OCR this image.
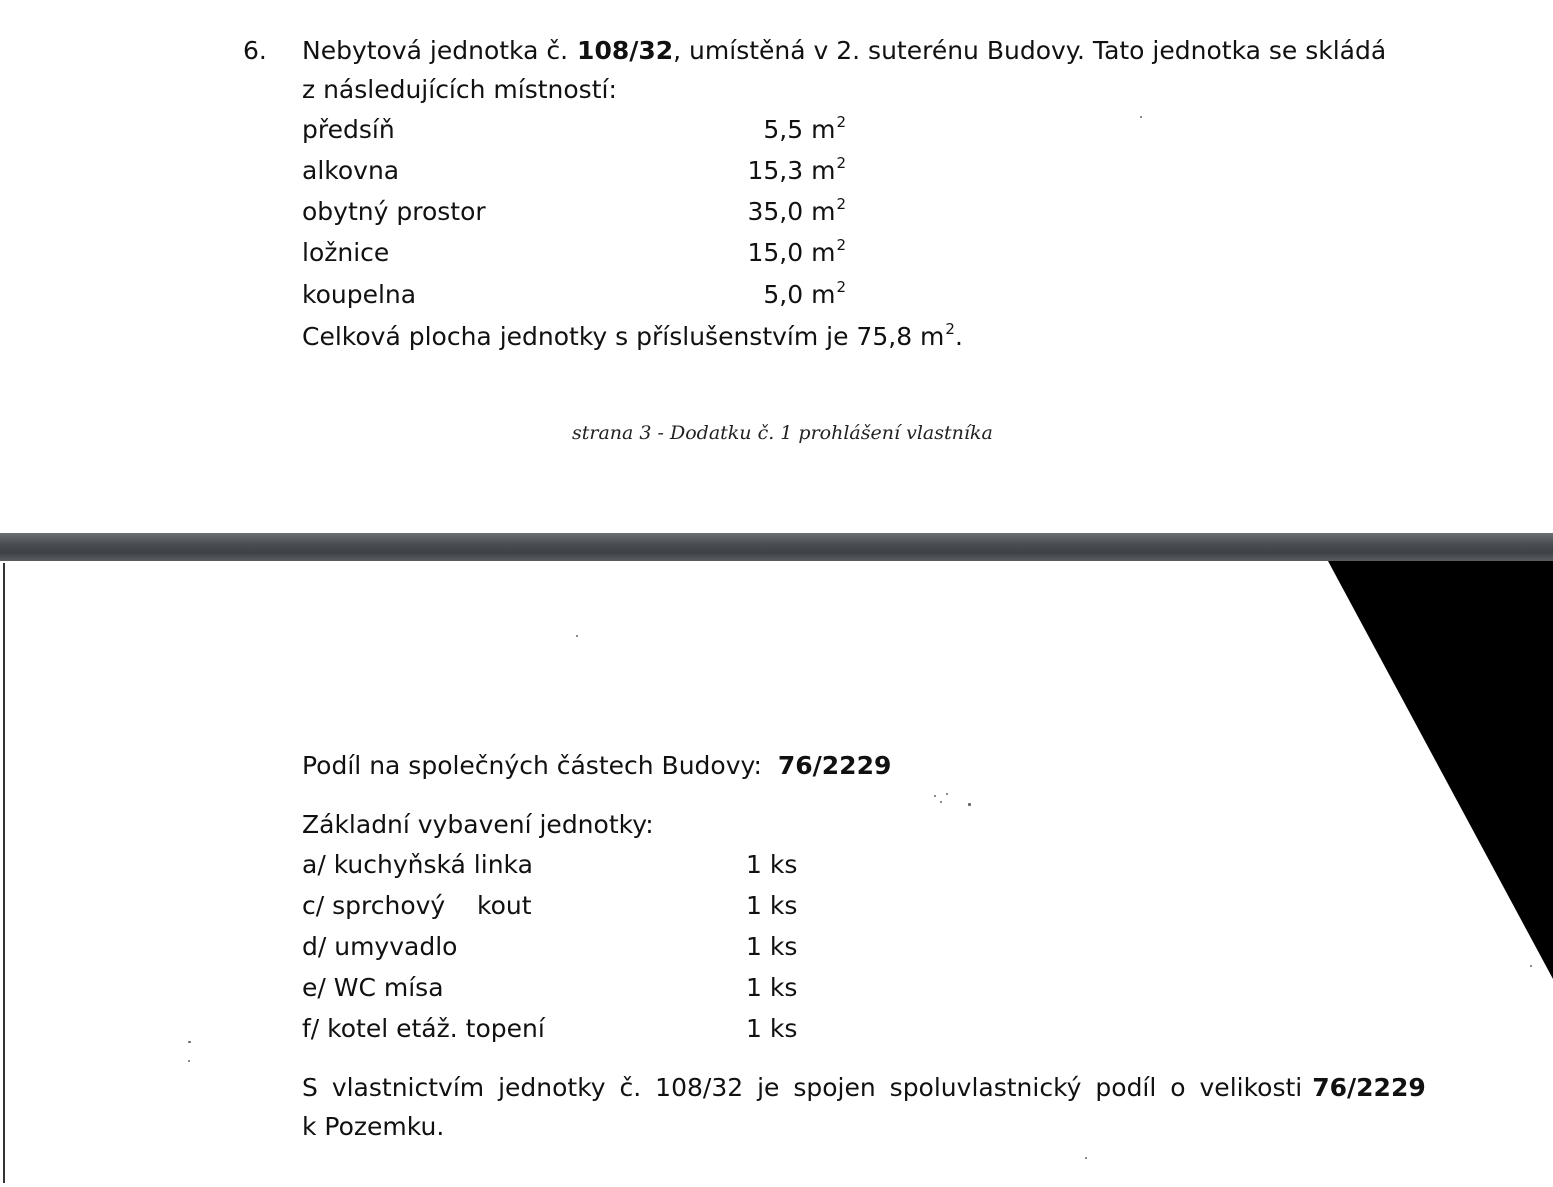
6. Nebytová jednotka č. 108/32, umístěná v 2. suterénu Budovy. Tato jednotka se skládá
z následujících místností:
předsíň	5,5 $m^2$
alkovna	15,3 $m^2$
obytný prostor	35,0 $m^2$
ložnice	15,0 $m^2$
koupelna	5,0 $m^2$
Celková plocha jednotky s příslušenstvím je 75,8 $m^2$.
strana 3 - Dodatku č. 1 prohlášení vlastníka
Podíl na společných částech Budovy: 76/2229
Základní vybavení jednotky:
a/ kuchyňská linka	1 ks
c/ sprchový    kout	1 ks
d/ umyvadlo	1 ks
e/ WC mísa	1 ks
f/ kotel etáž. topení	1 ks
S vlastnictvím jednotky č. 108/32 je spojen spoluvlastnický podíl o velikosti 76/2229
k Pozemku.
